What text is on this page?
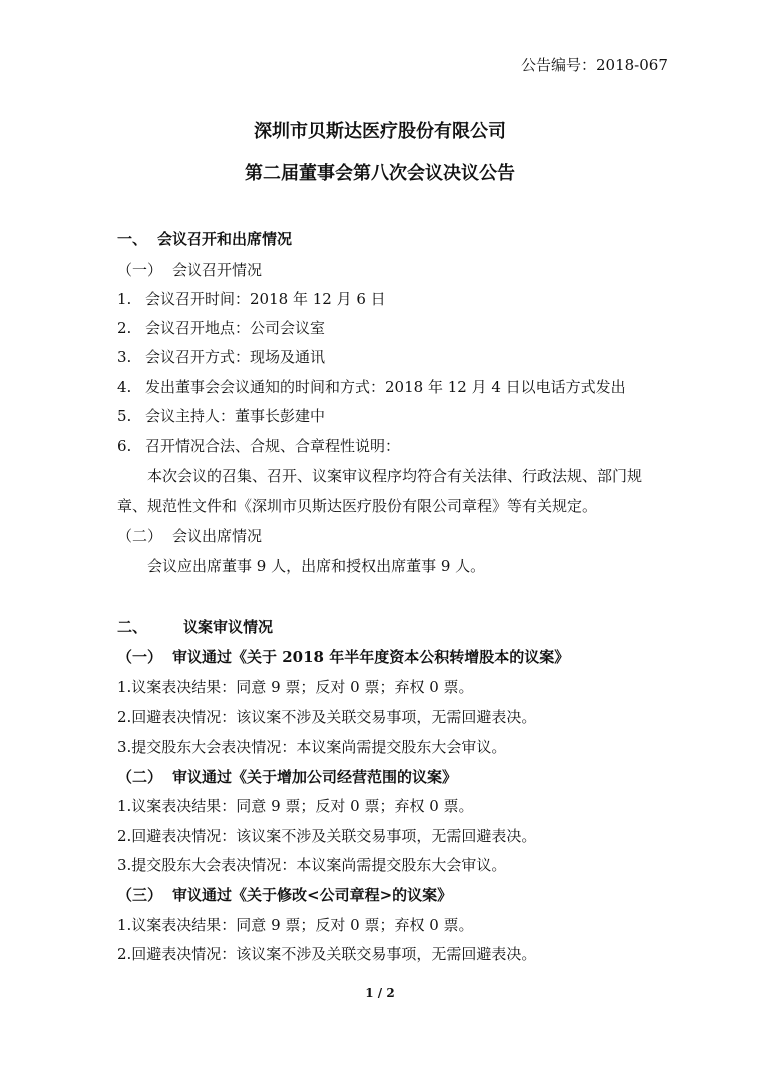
公告编号：2018-067
深圳市贝斯达医疗股份有限公司
第二届董事会第八次会议决议公告
一、 会议召开和出席情况
（一） 会议召开情况
1. 会议召开时间：2018 年 12 月 6 日
2. 会议召开地点：公司会议室
3. 会议召开方式：现场及通讯
4. 发出董事会会议通知的时间和方式：2018 年 12 月 4 日以电话方式发出
5. 会议主持人：董事长彭建中
6. 召开情况合法、合规、合章程性说明：
本次会议的召集、召开、议案审议程序均符合有关法律、行政法规、部门规
章、规范性文件和《深圳市贝斯达医疗股份有限公司章程》等有关规定。
（二） 会议出席情况
会议应出席董事 9 人，出席和授权出席董事 9 人。
二、 议案审议情况
（一） 审议通过《关于 2018 年半年度资本公积转增股本的议案》
1.议案表决结果：同意 9 票；反对 0 票；弃权 0 票。
2.回避表决情况：该议案不涉及关联交易事项，无需回避表决。
3.提交股东大会表决情况：本议案尚需提交股东大会审议。
（二） 审议通过《关于增加公司经营范围的议案》
1.议案表决结果：同意 9 票；反对 0 票；弃权 0 票。
2.回避表决情况：该议案不涉及关联交易事项，无需回避表决。
3.提交股东大会表决情况：本议案尚需提交股东大会审议。
（三） 审议通过《关于修改<公司章程>的议案》
1.议案表决结果：同意 9 票；反对 0 票；弃权 0 票。
2.回避表决情况：该议案不涉及关联交易事项，无需回避表决。
1 / 2
